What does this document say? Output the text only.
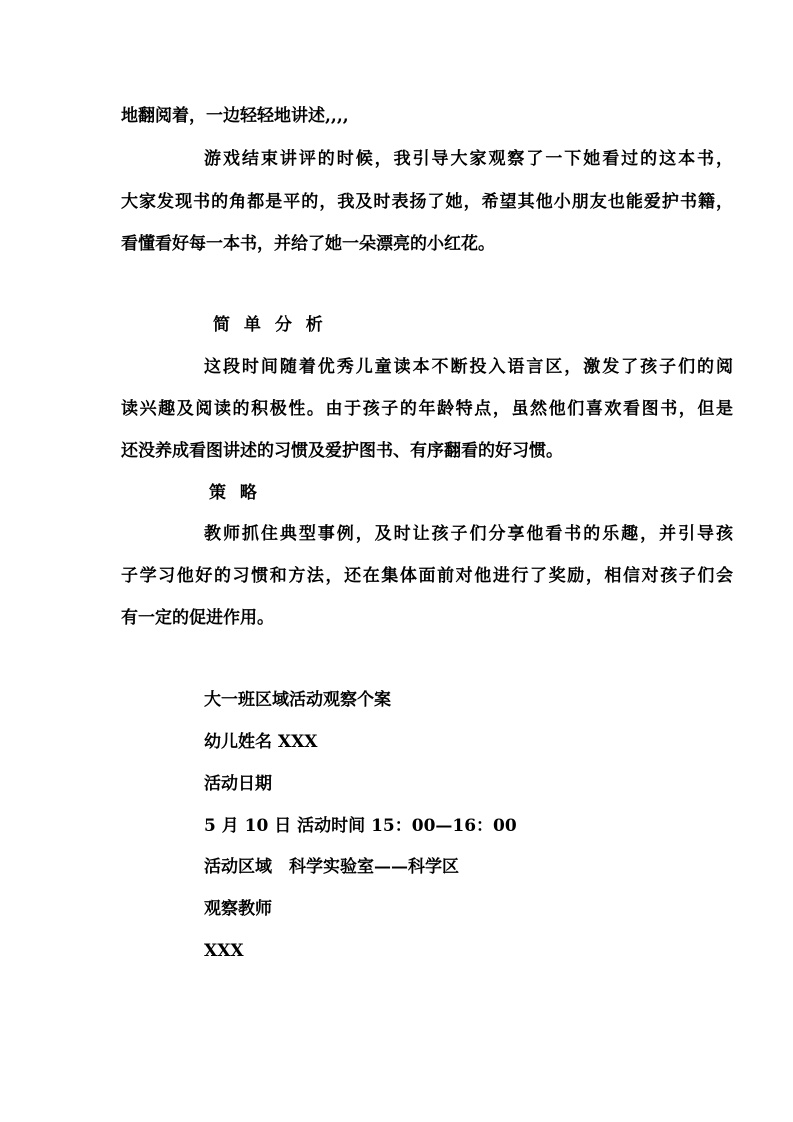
地翻阅着，一边轻轻地讲述,,,,
游戏结束讲评的时候，我引导大家观察了一下她看过的这本书，
大家发现书的角都是平的，我及时表扬了她，希望其他小朋友也能爱护书籍，
看懂看好每一本书，并给了她一朵漂亮的小红花。
简 单 分 析
这段时间随着优秀儿童读本不断投入语言区，激发了孩子们的阅
读兴趣及阅读的积极性。由于孩子的年龄特点，虽然他们喜欢看图书，但是
还没养成看图讲述的习惯及爱护图书、有序翻看的好习惯。
策 略
教师抓住典型事例，及时让孩子们分享他看书的乐趣，并引导孩
子学习他好的习惯和方法，还在集体面前对他进行了奖励，相信对孩子们会
有一定的促进作用。
大一班区域活动观察个案
幼儿姓名 XXX
活动日期
5 月 10 日 活动时间 15：00—16：00
活动区域　科学实验室——科学区
观察教师
XXX
